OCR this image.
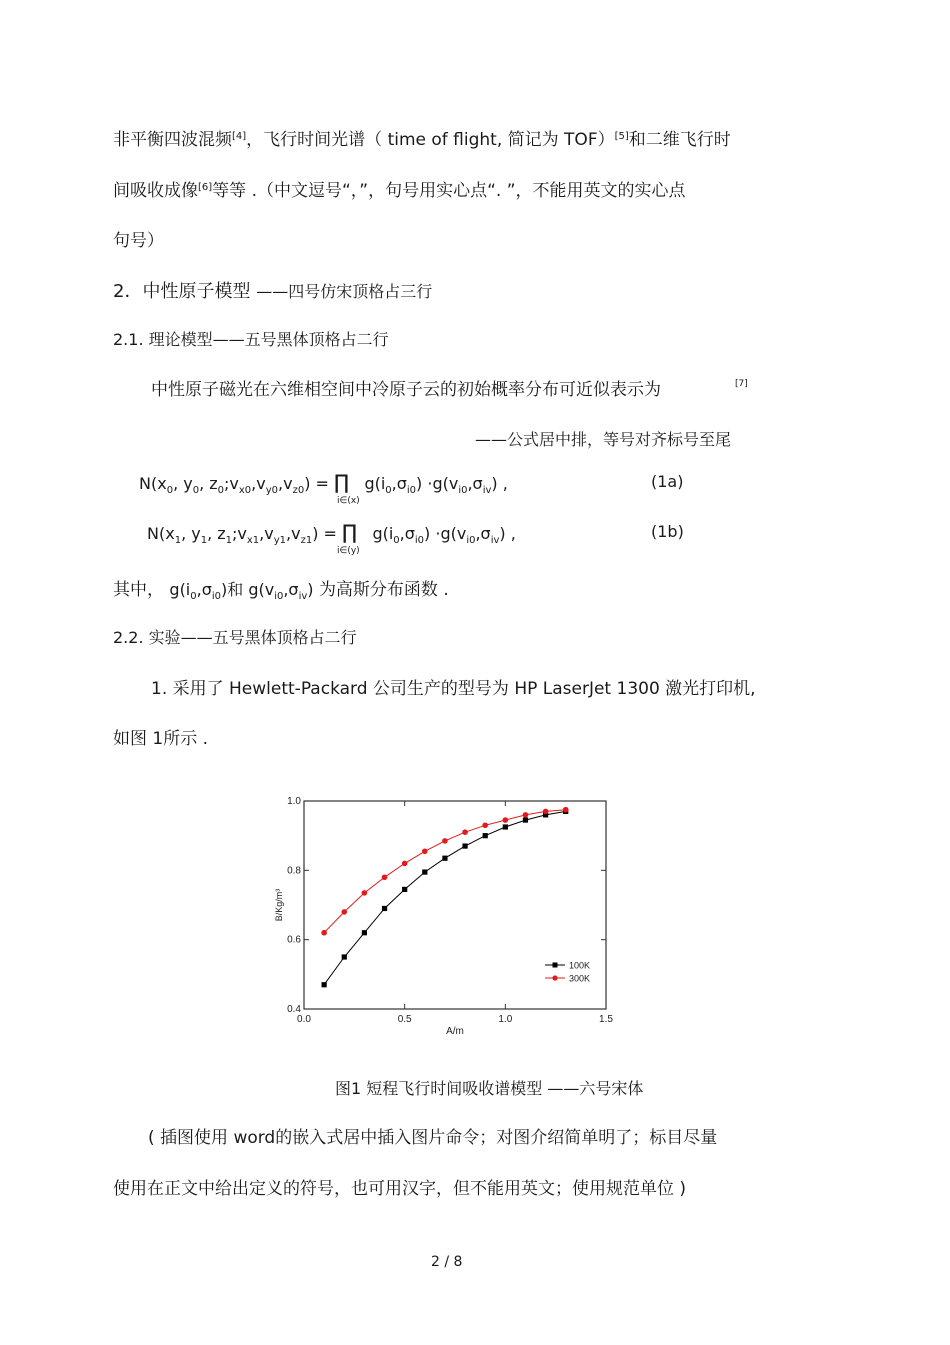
非平衡四波混频[4]，飞行时间光谱（ time of flight, 简记为 TOF）[5]和二维飞行时
间吸收成像[6]等等 .（中文逗号“，”，句号用实心点“. ”，不能用英文的实心点
句号）
2．中性原子模型 ——四号仿宋顶格占三行
2.1. 理论模型——五号黑体顶格占二行
中性原子磁光在六维相空间中冷原子云的初始概率分布可近似表示为	[7]
——公式居中排，等号对齐标号至尾
$N(x_0$, $y_0$, $z_0;v_{x0},v_{y0},v_{z0}$) = ∏ $g(i_0,\sigma_{i0}) \cdot g(v_{i0},\sigma_{iv})$ ,
i∈(x)
(1a)
$N(x_1$, $y_1$, $z_1;v_{x1},v_{y1},v_{z1}$) = ∏ $g(i_0,\sigma_{i0}) \cdot g(v_{i0},\sigma_{iv})$ ,
i∈(y)
(1b)
其中， $g(i_0,\sigma_{i0})$和 $g(v_{i0},\sigma_{iv})$ 为高斯分布函数 .
2.2. 实验——五号黑体顶格占二行
1. 采用了 Hewlett-Packard 公司生产的型号为 HP LaserJet 1300 激光打印机,
如图 1所示 .
0.0	0.5	1.0	1.5
0.4
0.6
0.8
1.0
100K
300K
A/m
B/Kg/m³
图1 短程飞行时间吸收谱模型 ——六号宋体
( 插图使用 word的嵌入式居中插入图片命令；对图介绍简单明了；标目尽量
使用在正文中给出定义的符号，也可用汉字，但不能用英文；使用规范单位 )
2 / 8
